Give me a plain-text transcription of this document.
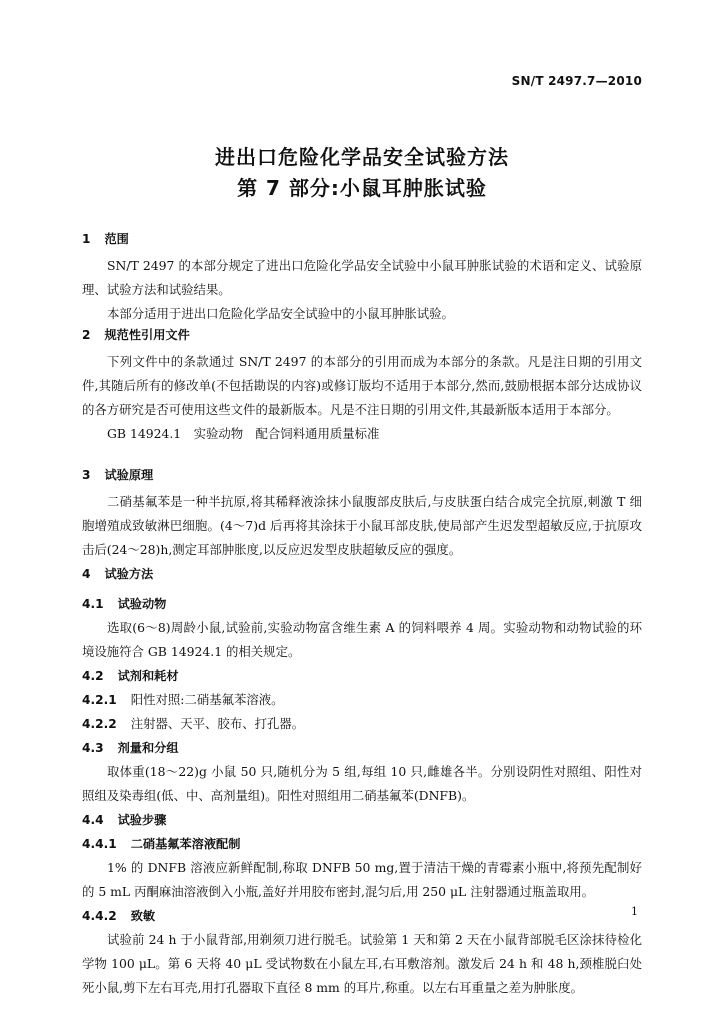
SN/T 2497.7—2010
进出口危险化学品安全试验方法
第 7 部分:小鼠耳肿胀试验
1 范围
SN/T 2497 的本部分规定了进出口危险化学品安全试验中小鼠耳肿胀试验的术语和定义、试验原理、试验方法和试验结果。
本部分适用于进出口危险化学品安全试验中的小鼠耳肿胀试验。
2 规范性引用文件
下列文件中的条款通过 SN/T 2497 的本部分的引用而成为本部分的条款。凡是注日期的引用文件,其随后所有的修改单(不包括勘误的内容)或修订版均不适用于本部分,然而,鼓励根据本部分达成协议的各方研究是否可使用这些文件的最新版本。凡是不注日期的引用文件,其最新版本适用于本部分。
GB 14924.1　实验动物　配合饲料通用质量标准
3 试验原理
二硝基氟苯是一种半抗原,将其稀释液涂抹小鼠腹部皮肤后,与皮肤蛋白结合成完全抗原,刺激 T 细胞增殖成致敏淋巴细胞。(4～7)d 后再将其涂抹于小鼠耳部皮肤,使局部产生迟发型超敏反应,于抗原攻击后(24～28)h,测定耳部肿胀度,以反应迟发型皮肤超敏反应的强度。
4 试验方法
4.1 试验动物
选取(6～8)周龄小鼠,试验前,实验动物富含维生素 A 的饲料喂养 4 周。实验动物和动物试验的环境设施符合 GB 14924.1 的相关规定。
4.2 试剂和耗材
4.2.1 阳性对照:二硝基氟苯溶液。
4.2.2 注射器、天平、胶布、打孔器。
4.3 剂量和分组
取体重(18～22)g 小鼠 50 只,随机分为 5 组,每组 10 只,雌雄各半。分别设阴性对照组、阳性对照组及染毒组(低、中、高剂量组)。阳性对照组用二硝基氟苯(DNFB)。
4.4 试验步骤
4.4.1 二硝基氟苯溶液配制
1% 的 DNFB 溶液应新鲜配制,称取 DNFB 50 mg,置于清洁干燥的青霉素小瓶中,将预先配制好的 5 mL 丙酮麻油溶液倒入小瓶,盖好并用胶布密封,混匀后,用 250 μL 注射器通过瓶盖取用。
4.4.2 致敏
试验前 24 h 于小鼠背部,用剃须刀进行脱毛。试验第 1 天和第 2 天在小鼠背部脱毛区涂抹待检化学物 100 μL。第 6 天将 40 μL 受试物数在小鼠左耳,右耳敷溶剂。激发后 24 h 和 48 h,颈椎脱臼处死小鼠,剪下左右耳壳,用打孔器取下直径 8 mm 的耳片,称重。以左右耳重量之差为肿胀度。
1
